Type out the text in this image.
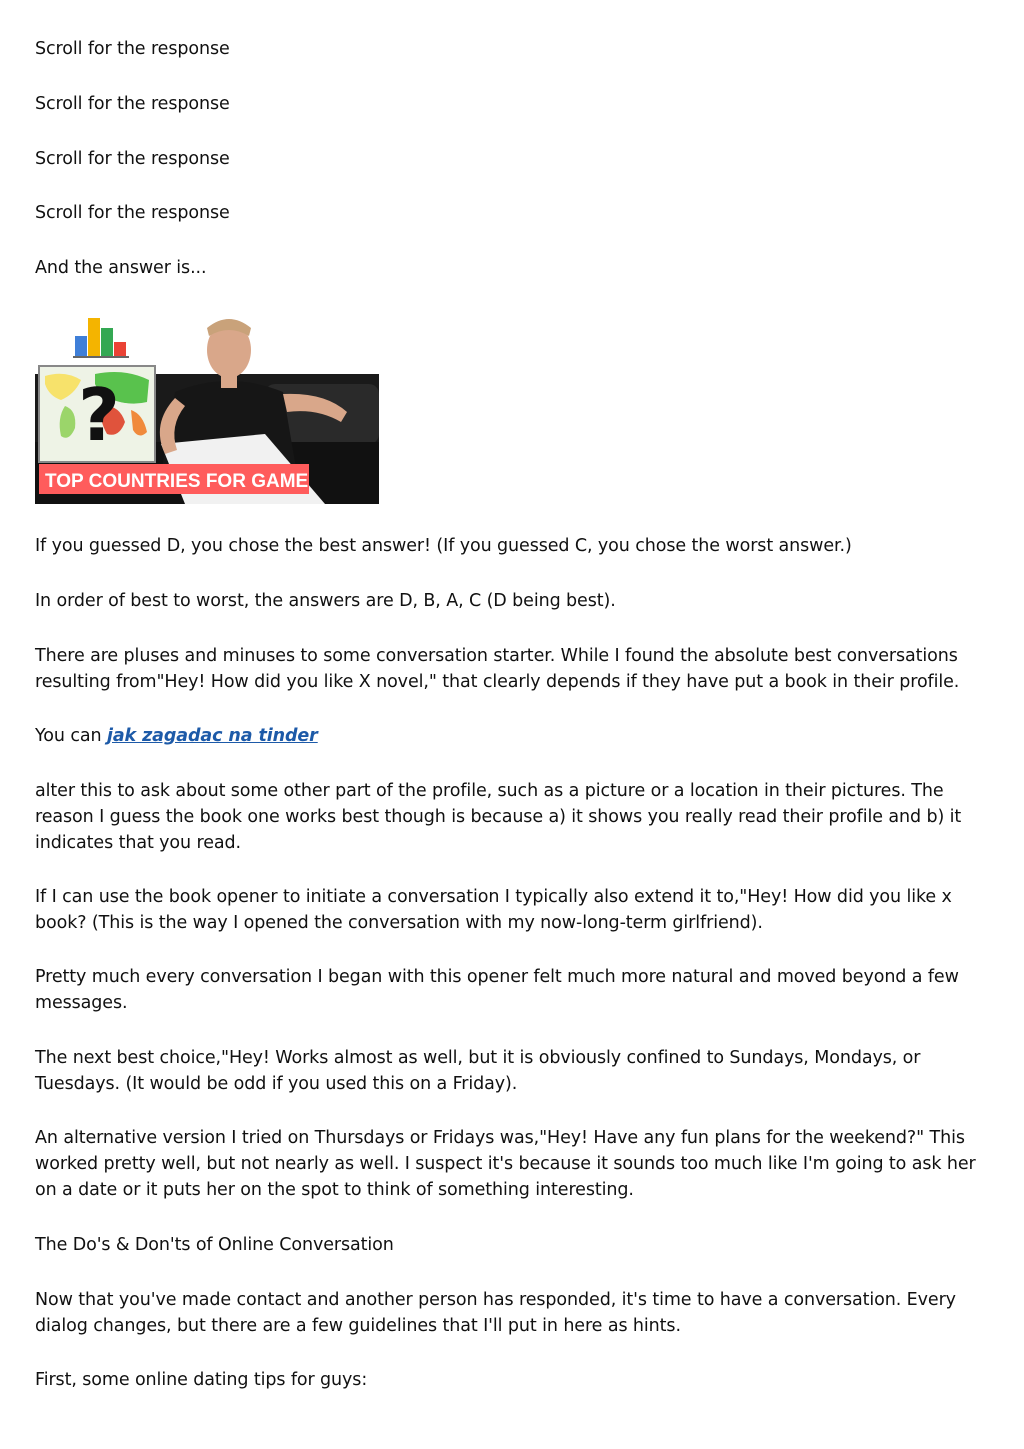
Scroll for the response

Scroll for the response

Scroll for the response

Scroll for the response

And the answer is...

?
TOP COUNTRIES FOR GAME

If you guessed D, you chose the best answer! (If you guessed C, you chose the worst answer.)

In order of best to worst, the answers are D, B, A, C (D being best).

There are pluses and minuses to some conversation starter. While I found the absolute best conversations resulting from"Hey! How did you like X novel," that clearly depends if they have put a book in their profile.

You can jak zagadac na tinder

alter this to ask about some other part of the profile, such as a picture or a location in their pictures. The reason I guess the book one works best though is because a) it shows you really read their profile and b) it indicates that you read.

If I can use the book opener to initiate a conversation I typically also extend it to,"Hey! How did you like x book? (This is the way I opened the conversation with my now-long-term girlfriend).

Pretty much every conversation I began with this opener felt much more natural and moved beyond a few messages.

The next best choice,"Hey! Works almost as well, but it is obviously confined to Sundays, Mondays, or Tuesdays. (It would be odd if you used this on a Friday).

An alternative version I tried on Thursdays or Fridays was,"Hey! Have any fun plans for the weekend?" This worked pretty well, but not nearly as well. I suspect it's because it sounds too much like I'm going to ask her on a date or it puts her on the spot to think of something interesting.

The Do's & Don'ts of Online Conversation

Now that you've made contact and another person has responded, it's time to have a conversation. Every dialog changes, but there are a few guidelines that I'll put in here as hints.

First, some online dating tips for guys:
